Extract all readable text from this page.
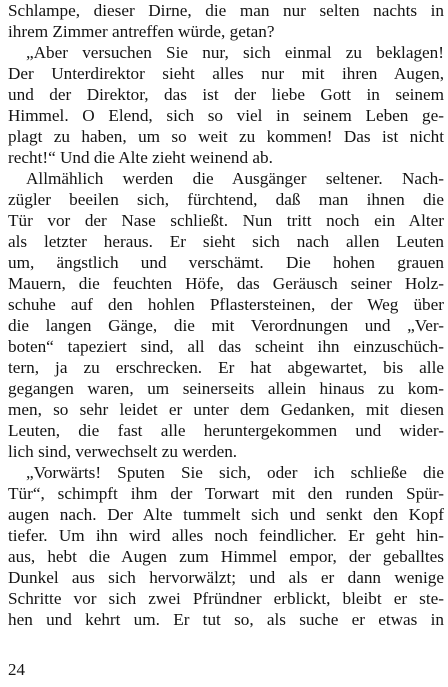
Schlampe, dieser Dirne, die man nur selten nachts in
ihrem Zimmer antreffen würde, getan?
„Aber versuchen Sie nur, sich einmal zu beklagen!
Der Unterdirektor sieht alles nur mit ihren Augen,
und der Direktor, das ist der liebe Gott in seinem
Himmel. O Elend, sich so viel in seinem Leben ge-
plagt zu haben, um so weit zu kommen! Das ist nicht
recht!“ Und die Alte zieht weinend ab.
Allmählich werden die Ausgänger seltener. Nach-
zügler beeilen sich, fürchtend, daß man ihnen die
Tür vor der Nase schließt. Nun tritt noch ein Alter
als letzter heraus. Er sieht sich nach allen Leuten
um, ängstlich und verschämt. Die hohen grauen
Mauern, die feuchten Höfe, das Geräusch seiner Holz-
schuhe auf den hohlen Pflastersteinen, der Weg über
die langen Gänge, die mit Verordnungen und „Ver-
boten“ tapeziert sind, all das scheint ihn einzuschüch-
tern, ja zu erschrecken. Er hat abgewartet, bis alle
gegangen waren, um seinerseits allein hinaus zu kom-
men, so sehr leidet er unter dem Gedanken, mit diesen
Leuten, die fast alle heruntergekommen und wider-
lich sind, verwechselt zu werden.
„Vorwärts! Sputen Sie sich, oder ich schließe die
Tür“, schimpft ihm der Torwart mit den runden Spür-
augen nach. Der Alte tummelt sich und senkt den Kopf
tiefer. Um ihn wird alles noch feindlicher. Er geht hin-
aus, hebt die Augen zum Himmel empor, der geballtes
Dunkel aus sich hervorwälzt; und als er dann wenige
Schritte vor sich zwei Pfründner erblickt, bleibt er ste-
hen und kehrt um. Er tut so, als suche er etwas in
24
